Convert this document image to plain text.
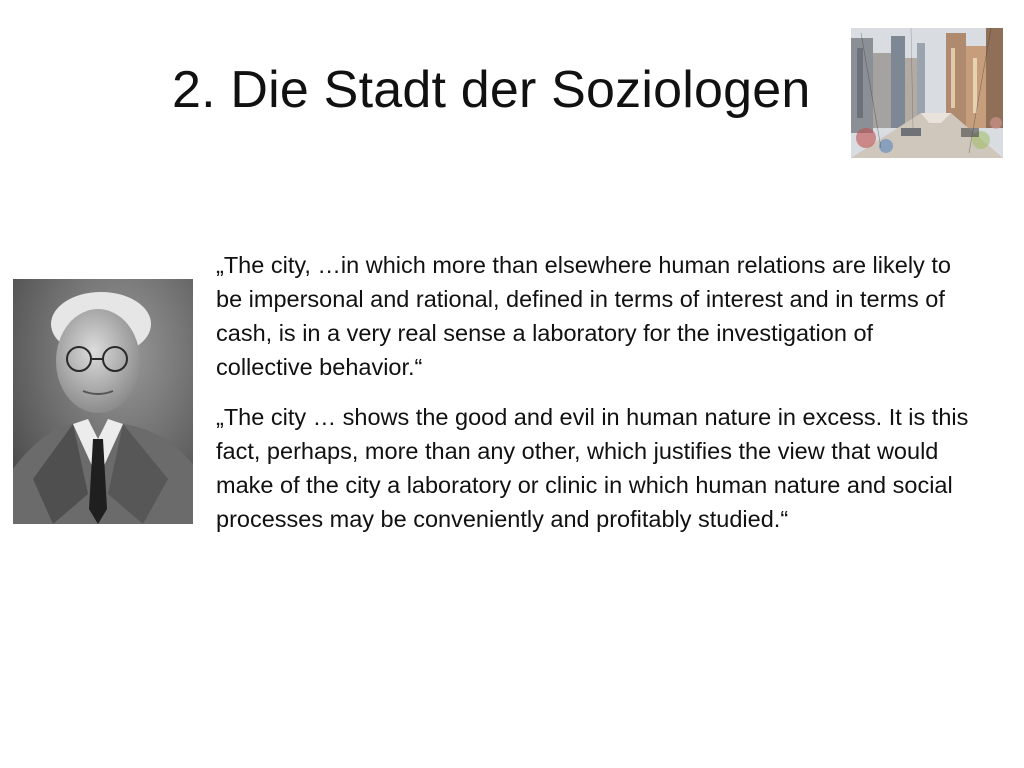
2. Die Stadt der Soziologen

„The city, …in which more than elsewhere human relations are likely to be impersonal and rational, defined in terms of interest and in terms of cash, is in a very real sense a laboratory for the investigation of collective behavior.“

„The city … shows the good and evil in human nature in excess. It is this fact, perhaps, more than any other, which justifies the view that would make of the city a laboratory or clinic in which human nature and social processes may be conveniently and profitably studied.“
